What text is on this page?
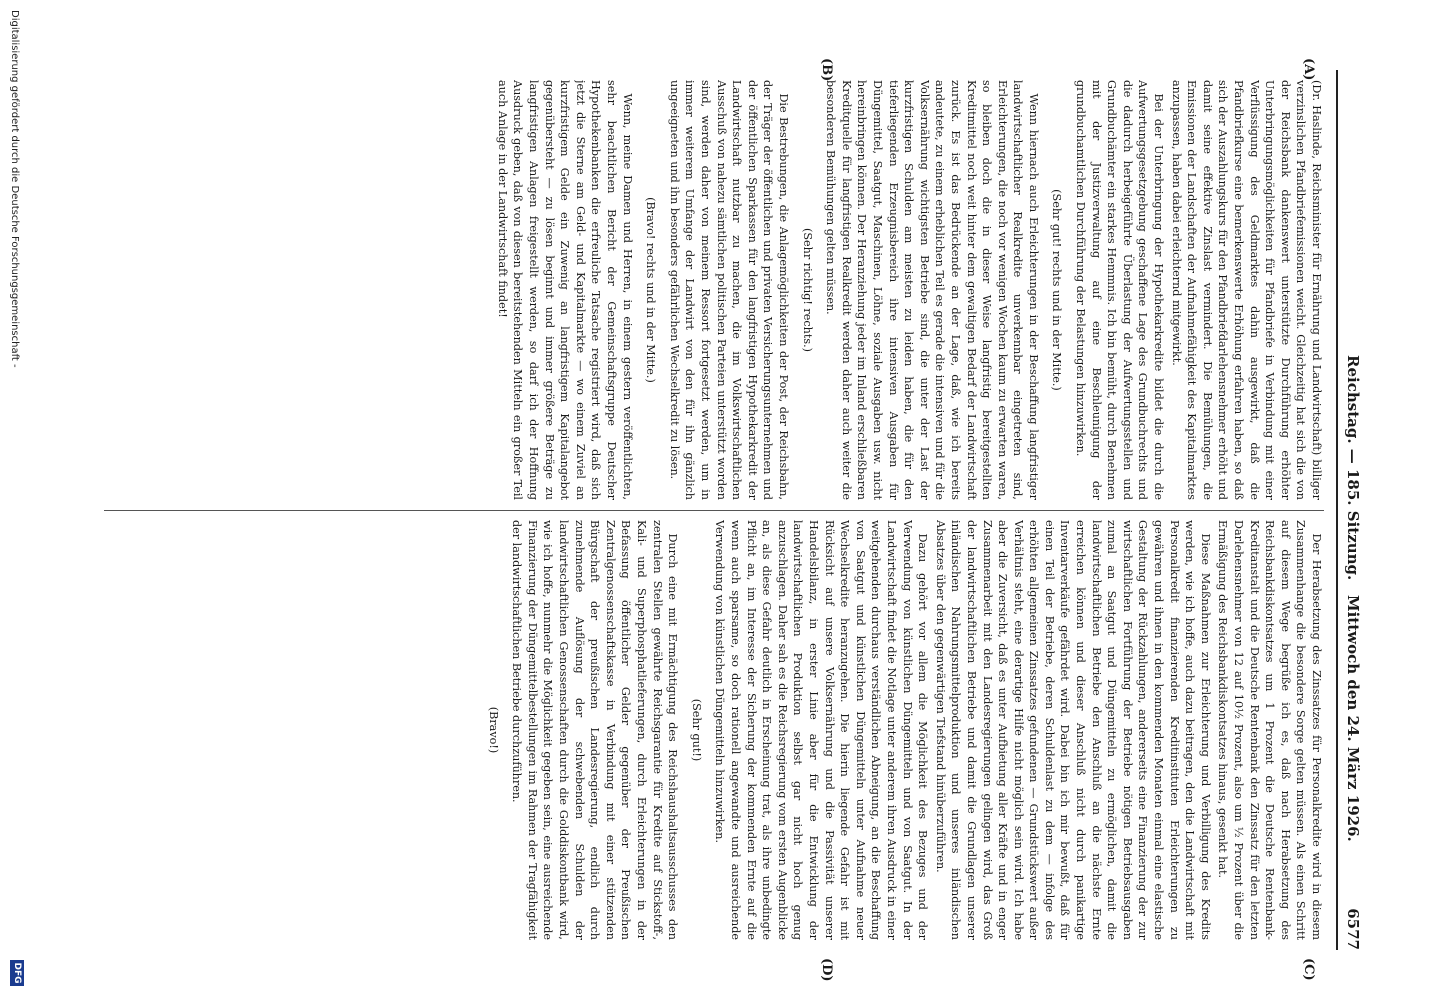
Reichstag. — 185. Sitzung.
Mittwoch den 24. März 1926.
6577
(A)
(B)
(C)
(D)

(Dr. Haslinde, Reichsminister für Ernährung und Landwirtschaft) billiger verzinslichen Pfandbriefemissionen weicht. Gleichzeitig hat sich die von der Reichsbank dankenswert unterstützte Durchführung erhöhter Unterbringungsmöglichkeiten für Pfandbriefe in Verbindung mit einer Verflüssigung des Geldmarktes dahin ausgewirkt, daß die Pfandbriefkurse eine bemerkenswerte Erhöhung erfahren haben, so daß sich der Auszahlungskurs für den Pfandbriefdarlehensnehmer erhöht und damit seine effektive Zinslast vermindert. Die Bemühungen, die Emissionen der Landschaften der Aufnahmefähigkeit des Kapitalmarktes anzupassen, haben dabei erleichternd mitgewirkt.

Bei der Unterbringung der Hypothekarkredite bildet die durch die Aufwertungsgesetzgebung geschaffene Lage des Grundbuchrechts und die dadurch herbeigeführte Überlastung der Aufwertungsstellen und Grundbuchämter ein starkes Hemmnis. Ich bin bemüht, durch Benehmen mit der Justizverwaltung auf eine Beschleunigung der grundbuchamtlichen Durchführung der Belastungen hinzuwirken.

(Sehr gut! rechts und in der Mitte.)

Wenn hiernach auch Erleichterungen in der Beschaffung langfristiger landwirtschaftlicher Realkredite unverkennbar eingetreten sind, Erleichterungen, die noch vor wenigen Wochen kaum zu erwarten waren, so bleiben doch die in dieser Weise langfristig bereitgestellten Kreditmittel noch weit hinter dem gewaltigen Bedarf der Landwirtschaft zurück. Es ist das Bedrückende an der Lage, daß, wie ich bereits andeutete, zu einem erheblichen Teil es gerade die intensiven und für die Volksernährung wichtigsten Betriebe sind, die unter der Last der kurzfristigen Schulden am meisten zu leiden haben, die für den tieferliegenden Erzeugnisbereich ihre intensiven Ausgaben für Düngemittel, Saatgut, Maschinen, Löhne, soziale Ausgaben usw. nicht hereinbringen können. Der Heranziehung jeder im Inland erschließbaren Kreditquelle für langfristigen Realkredit werden daher auch weiter die besonderen Bemühungen gelten müssen.

(Sehr richtig! rechts.)

Die Bestrebungen, die Anlagemöglichkeiten der Post, der Reichsbahn, der Träger der öffentlichen und privaten Versicherungsunternehmen und der öffentlichen Sparkassen für den langfristigen Hypothekarkredit der Landwirtschaft nutzbar zu machen, die im Volkswirtschaftlichen Ausschuß von nahezu sämtlichen politischen Parteien unterstützt worden sind, werden daher von meinem Ressort fortgesetzt werden, um in immer weiterem Umfange der Landwirt von den für ihn gänzlich ungeeigneten und ihn besonders gefährlichen Wechselkredit zu lösen.

(Bravo! rechts und in der Mitte.)

Wenn, meine Damen und Herren, in einem gestern veröffentlichten, sehr beachtlichen Bericht der Gemeinschaftsgruppe Deutscher Hypothekenbanken die erfreuliche Tatsache registriert wird, daß sich jetzt die Sterne am Geld- und Kapitalmarkte — wo einem Zuviel an kurzfristigem Gelde ein Zuwenig an langfristigem Kapitalangebot gegenübersteht — zu lösen beginnt und immer größere Beträge zu langfristigen Anlagen freigestellt werden, so darf ich der Hoffnung Ausdruck geben, daß von diesen bereitstehenden Mitteln ein großer Teil auch Anlage in der Landwirtschaft findet!

Der Herabsetzung des Zinssatzes für Personalkredite wird in diesem Zusammenhange die besondere Sorge gelten müssen. Als einen Schritt auf diesem Wege begrüße ich es, daß nach Herabsetzung des Reichsbankdiskontsatzes um 1 Prozent die Deutsche Rentenbank-Kreditanstalt und die Deutsche Rentenbank den Zinssatz für den letzten Darlehensnehmer von 12 auf 10½ Prozent, also um ½ Prozent über die Ermäßigung des Reichsbankdiskontsatzes hinaus, gesenkt hat.

Diese Maßnahmen zur Erleichterung und Verbilligung des Kredits werden, wie ich hoffe, auch dazu beitragen, den die Landwirtschaft mit Personalkredit finanzierenden Kreditinstituten Erleichterungen zu gewähren und ihnen in den kommenden Monaten einmal eine elastische Gestaltung der Rückzahlungen, andererseits eine Finanzierung der zur wirtschaftlichen Fortführung der Betriebe nötigen Betriebsausgaben zumal an Saatgut und Düngemitteln zu ermöglichen, damit die landwirtschaftlichen Betriebe den Anschluß an die nächste Ernte erreichen können und dieser Anschluß nicht durch panikartige Inventarverkäufe gefährdet wird. Dabei bin ich mir bewußt, daß für einen Teil der Betriebe, deren Schuldenlast zu dem — infolge des erhöhten allgemeinen Zinssatzes gefundenen — Grundstückswert außer Verhältnis steht, eine derartige Hilfe nicht möglich sein wird. Ich habe aber die Zuversicht, daß es unter Aufbietung aller Kräfte und in enger Zusammenarbeit mit den Landesregierungen gelingen wird, das Groß der landwirtschaftlichen Betriebe und damit die Grundlagen unserer inländischen Nahrungsmittelproduktion und unseres inländischen Absatzes über den gegenwärtigen Tiefstand hinüberzuführen.

Dazu gehört vor allem die Möglichkeit des Bezuges und der Verwendung von künstlichen Düngemitteln und von Saatgut. In der Landwirtschaft findet die Notlage unter anderem ihren Ausdruck in einer weitgehenden durchaus verständlichen Abneigung, an die Beschaffung von Saatgut und künstlichen Düngemitteln unter Aufnahme neuer Wechselkredite heranzugehen. Die hierin liegende Gefahr ist mit Rücksicht auf unsere Volksernährung und die Passivität unserer Handelsbilanz, in erster Linie aber für die Entwicklung der landwirtschaftlichen Produktion selbst gar nicht hoch genug anzuschlagen. Daher sah es die Reichsregierung vom ersten Augenblicke an, als diese Gefahr deutlich in Erscheinung trat, als ihre unbedingte Pflicht an, im Interesse der Sicherung der kommenden Ernte auf die wenn auch sparsame, so doch rationell angewandte und ausreichende Verwendung von künstlichen Düngemitteln hinzuwirken.

(Sehr gut!)

Durch eine mit Ermächtigung des Reichshaushaltsausschusses den zentralen Stellen gewährte Reichsgarantie für Kredite auf Stickstoff-, Kali- und Superphosphatlieferungen, durch Erleichterungen in der Befassung öffentlicher Gelder gegenüber der Preußischen Zentralgenossenschaftskasse in Verbindung mit einer stützenden Bürgschaft der preußischen Landesregierung, endlich durch zunehmende Auflösung der schwebenden Schulden der landwirtschaftlichen Genossenschaften durch die Golddiskontbank wird, wie ich hoffe, nunmehr die Möglichkeit gegeben sein, eine ausreichende Finanzierung der Düngemittelbestellungen im Rahmen der Tragfähigkeit der landwirtschaftlichen Betriebe durchzuführen.

(Bravo!)

Digitalisierung gefördert durch die Deutsche Forschungsgemeinschaft -
DFG
